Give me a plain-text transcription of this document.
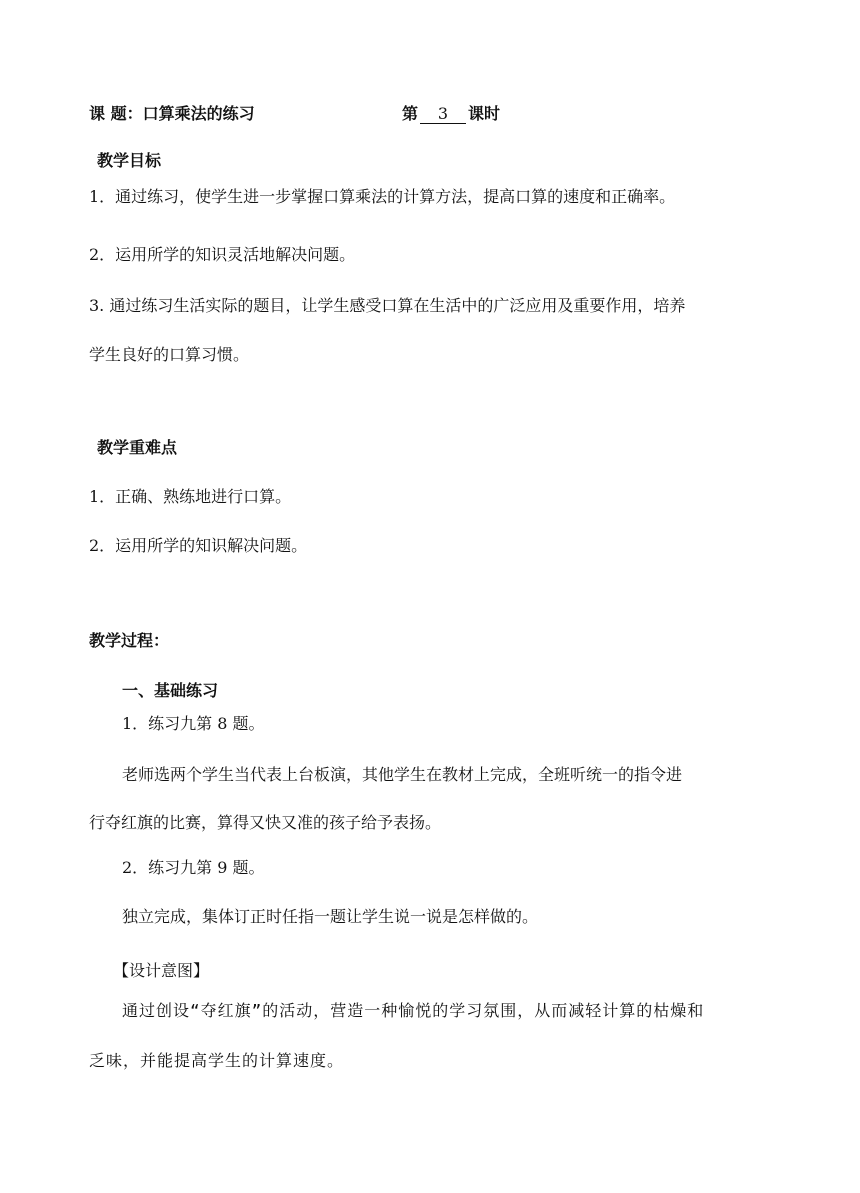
课 题：口算乘法的练习	第 3 课时
教学目标
1．通过练习，使学生进一步掌握口算乘法的计算方法，提高口算的速度和正确率。
2．运用所学的知识灵活地解决问题。
3. 通过练习生活实际的题目，让学生感受口算在生活中的广泛应用及重要作用，培养
学生良好的口算习惯。
教学重难点
1．正确、熟练地进行口算。
2．运用所学的知识解决问题。
教学过程：
一、基础练习
1．练习九第 8 题。
老师选两个学生当代表上台板演，其他学生在教材上完成，全班听统一的指令进
行夺红旗的比赛，算得又快又准的孩子给予表扬。
2．练习九第 9 题。
独立完成，集体订正时任指一题让学生说一说是怎样做的。
【设计意图】
通过创设“夺红旗”的活动，营造一种愉悦的学习氛围，从而减轻计算的枯燥和
乏味，并能提高学生的计算速度。
